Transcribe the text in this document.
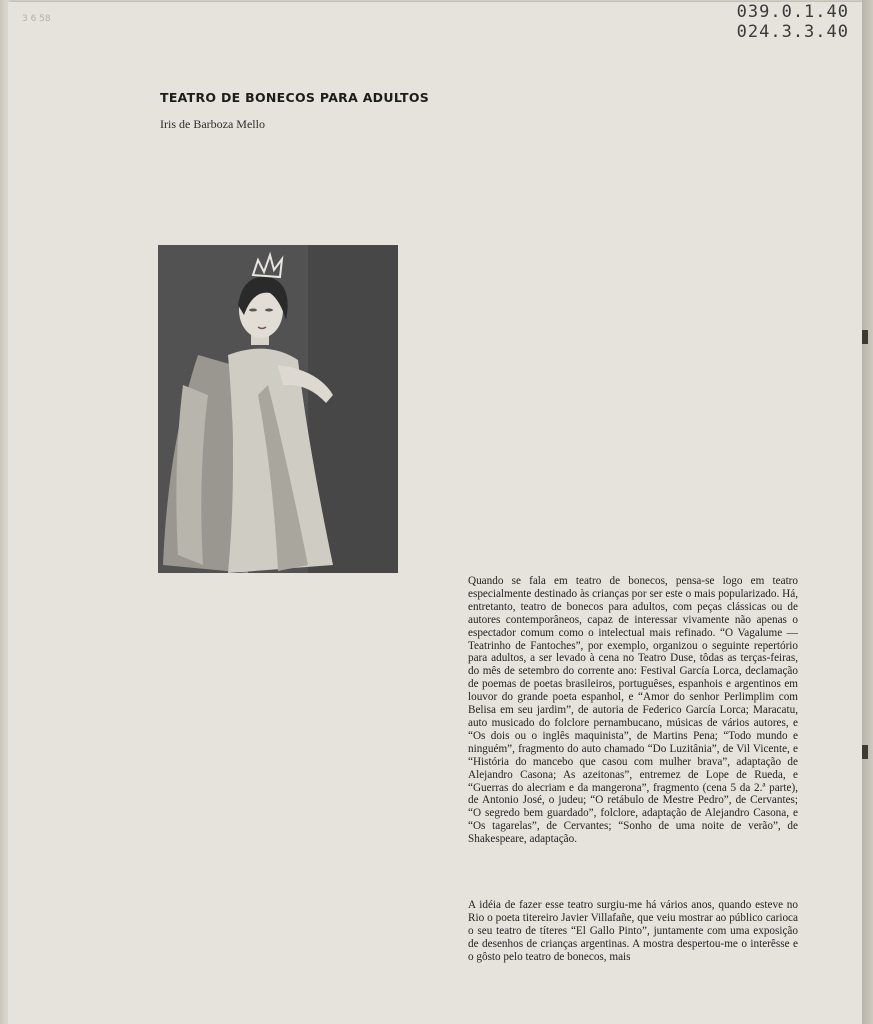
3 6 58	039.0.1.40
024.3.3.40
TEATRO DE BONECOS PARA ADULTOS
Iris de Barboza Mello

Quando se fala em teatro de bonecos, pensa-se logo em teatro especialmente destinado às crianças por ser este o mais popularizado. Há, entretanto, teatro de bonecos para adultos, com peças clássicas ou de autores contemporâneos, capaz de interessar vivamente não apenas o espectador comum como o intelectual mais refinado. “O Vagalume — Teatrinho de Fantoches”, por exemplo, organizou o seguinte repertório para adultos, a ser levado à cena no Teatro Duse, tôdas as terças-feiras, do mês de setembro do corrente ano: Festival García Lorca, declamação de poemas de poetas brasileiros, portuguêses, espanhois e argentinos em louvor do grande poeta espanhol, e “Amor do senhor Perlimplim com Belisa em seu jardim”, de autoria de Federico García Lorca; Maracatu, auto musicado do folclore pernambucano, músicas de vários autores, e “Os dois ou o inglês maquinista”, de Martins Pena; “Todo mundo e ninguém”, fragmento do auto chamado “Do Luzitânia”, de Vil Vicente, e “História do mancebo que casou com mulher brava”, adaptação de Alejandro Casona; As azeitonas”, entremez de Lope de Rueda, e “Guerras do alecriam e da mangerona”, fragmento (cena 5 da 2.ª parte), de Antonio José, o judeu; “O retábulo de Mestre Pedro”, de Cervantes; “O segredo bem guardado”, folclore, adaptação de Alejandro Casona, e “Os tagarelas”, de Cervantes; “Sonho de uma noite de verão”, de Shakespeare, adaptação.

A idéia de fazer esse teatro surgiu-me há vários anos, quando esteve no Rio o poeta titereiro Javier Villafañe, que veiu mostrar ao público carioca o seu teatro de títeres “El Gallo Pinto”, juntamente com uma exposição de desenhos de crianças argentinas. A mostra despertou-me o interêsse e o gôsto pelo teatro de bonecos, mais
